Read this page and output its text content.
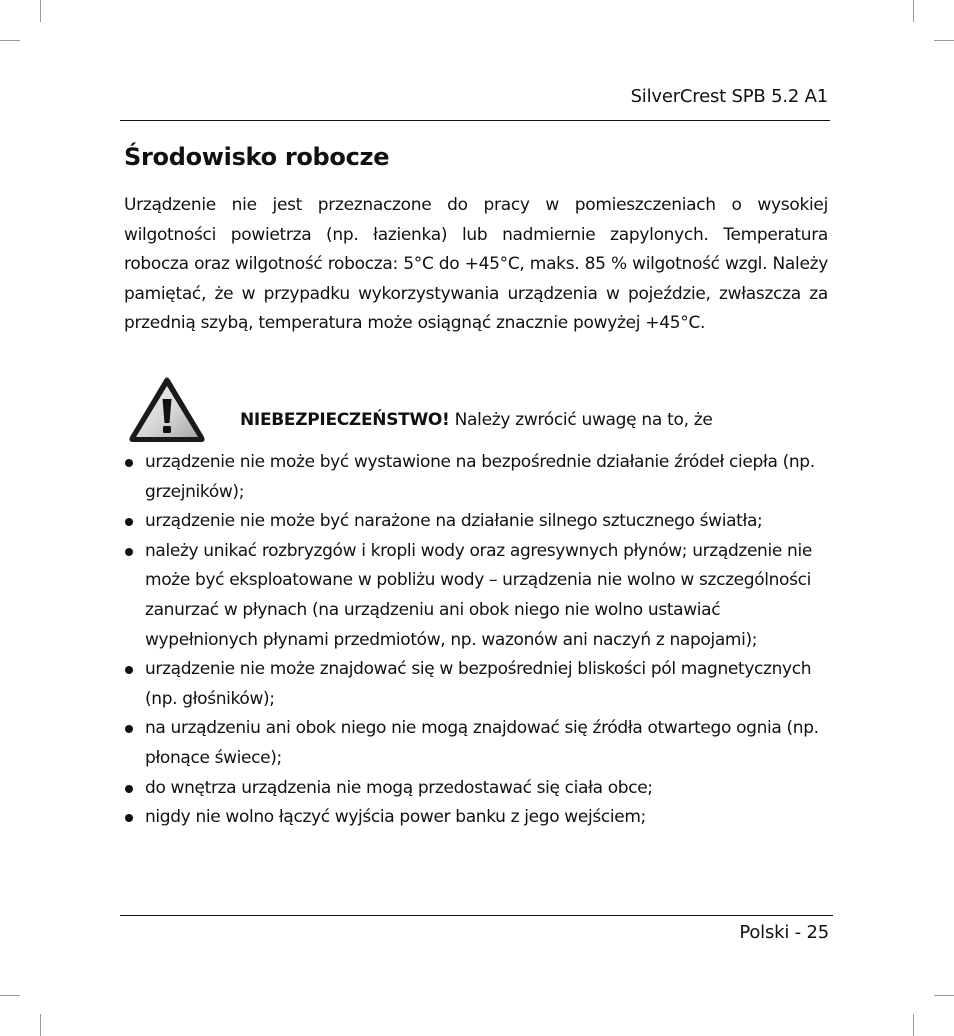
SilverCrest SPB 5.2 A1
Środowisko robocze

Urządzenie nie jest przeznaczone do pracy w pomieszczeniach o wysokiej wilgotności powietrza (np. łazienka) lub nadmiernie zapylonych. Temperatura robocza oraz wilgotność robocza: 5°C do +45°C, maks. 85 % wilgotność wzgl. Należy pamiętać, że w przypadku wykorzystywania urządzenia w pojeździe, zwłaszcza za przednią szybą, temperatura może osiągnąć znacznie powyżej +45°C.

NIEBEZPIECZEŃSTWO! Należy zwrócić uwagę na to, że
urządzenie nie może być wystawione na bezpośrednie działanie źródeł ciepła (np. grzejników);
urządzenie nie może być narażone na działanie silnego sztucznego światła;
należy unikać rozbryzgów i kropli wody oraz agresywnych płynów; urządzenie nie może być eksploatowane w pobliżu wody – urządzenia nie wolno w szczególności zanurzać w płynach (na urządzeniu ani obok niego nie wolno ustawiać wypełnionych płynami przedmiotów, np. wazonów ani naczyń z napojami);
urządzenie nie może znajdować się w bezpośredniej bliskości pól magnetycznych (np. głośników);
na urządzeniu ani obok niego nie mogą znajdować się źródła otwartego ognia (np. płonące świece);
do wnętrza urządzenia nie mogą przedostawać się ciała obce;
nigdy nie wolno łączyć wyjścia power banku z jego wejściem;
Polski - 25
